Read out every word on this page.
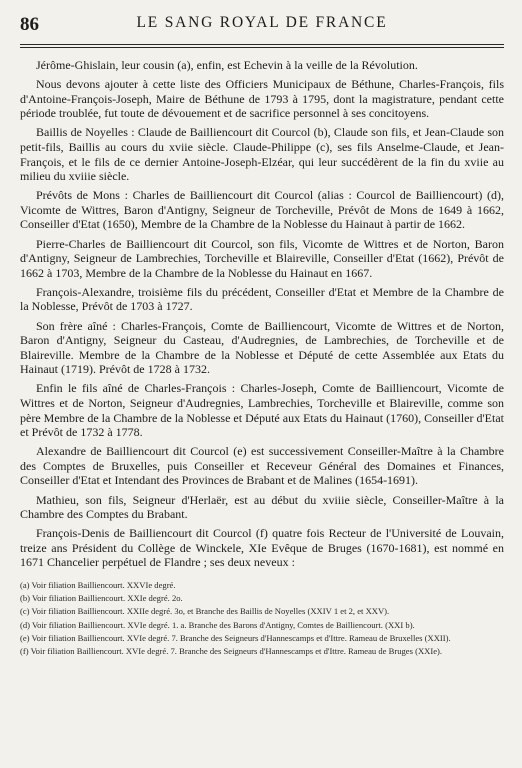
86	LE SANG ROYAL DE FRANCE

Jérôme-Ghislain, leur cousin (a), enfin, est Echevin à la veille de la Révolution.

Nous devons ajouter à cette liste des Officiers Municipaux de Béthune, Charles-François, fils d'Antoine-François-Joseph, Maire de Béthune de 1793 à 1795, dont la magistrature, pendant cette période troublée, fut toute de dévouement et de sacrifice personnel à ses concitoyens.

Baillis de Noyelles : Claude de Bailliencourt dit Courcol (b), Claude son fils, et Jean-Claude son petit-fils, Baillis au cours du xviie siècle. Claude-Philippe (c), ses fils Anselme-Claude, et Jean-François, et le fils de ce dernier Antoine-Joseph-Elzéar, qui leur succédèrent de la fin du xviie au milieu du xviiie siècle.

Prévôts de Mons : Charles de Bailliencourt dit Courcol (alias : Courcol de Bailliencourt) (d), Vicomte de Wittres, Baron d'Antigny, Seigneur de Torcheville, Prévôt de Mons de 1649 à 1662, Conseiller d'Etat (1650), Membre de la Chambre de la Noblesse du Hainaut à partir de 1662.

Pierre-Charles de Bailliencourt dit Courcol, son fils, Vicomte de Wittres et de Norton, Baron d'Antigny, Seigneur de Lambrechies, Torcheville et Blaireville, Conseiller d'Etat (1662), Prévôt de 1662 à 1703, Membre de la Chambre de la Noblesse du Hainaut en 1667.

François-Alexandre, troisième fils du précédent, Conseiller d'Etat et Membre de la Chambre de la Noblesse, Prévôt de 1703 à 1727.

Son frère aîné : Charles-François, Comte de Bailliencourt, Vicomte de Wittres et de Norton, Baron d'Antigny, Seigneur du Casteau, d'Audregnies, de Lambrechies, de Torcheville et de Blaireville. Membre de la Chambre de la Noblesse et Député de cette Assemblée aux Etats du Hainaut (1719). Prévôt de 1728 à 1732.

Enfin le fils aîné de Charles-François : Charles-Joseph, Comte de Bailliencourt, Vicomte de Wittres et de Norton, Seigneur d'Audregnies, Lambrechies, Torcheville et Blaireville, comme son père Membre de la Chambre de la Noblesse et Député aux Etats du Hainaut (1760), Conseiller d'Etat et Prévôt de 1732 à 1778.

Alexandre de Bailliencourt dit Courcol (e) est successivement Conseiller-Maître à la Chambre des Comptes de Bruxelles, puis Conseiller et Receveur Général des Domaines et Finances, Conseiller d'Etat et Intendant des Provinces de Brabant et de Malines (1654-1691).

Mathieu, son fils, Seigneur d'Herlaër, est au début du xviiie siècle, Conseiller-Maître à la Chambre des Comptes du Brabant.

François-Denis de Bailliencourt dit Courcol (f) quatre fois Recteur de l'Université de Louvain, treize ans Président du Collège de Winckele, XIe Evêque de Bruges (1670-1681), est nommé en 1671 Chancelier perpétuel de Flandre ; ses deux neveux :

(a) Voir filiation Bailliencourt. XXVIe degré.

(b) Voir filiation Bailliencourt. XXIe degré. 2o.

(c) Voir filiation Bailliencourt. XXIIe degré. 3o, et Branche des Baillis de Noyelles (XXIV 1 et 2, et XXV).

(d) Voir filiation Bailliencourt. XVIe degré. 1. a. Branche des Barons d'Antigny, Comtes de Bailliencourt. (XXI b).

(e) Voir filiation Bailliencourt. XVIe degré. 7. Branche des Seigneurs d'Hannescamps et d'Ittre. Rameau de Bruxelles (XXII).

(f) Voir filiation Bailliencourt. XVIe degré. 7. Branche des Seigneurs d'Hannescamps et d'Ittre. Rameau de Bruges (XXIe).
